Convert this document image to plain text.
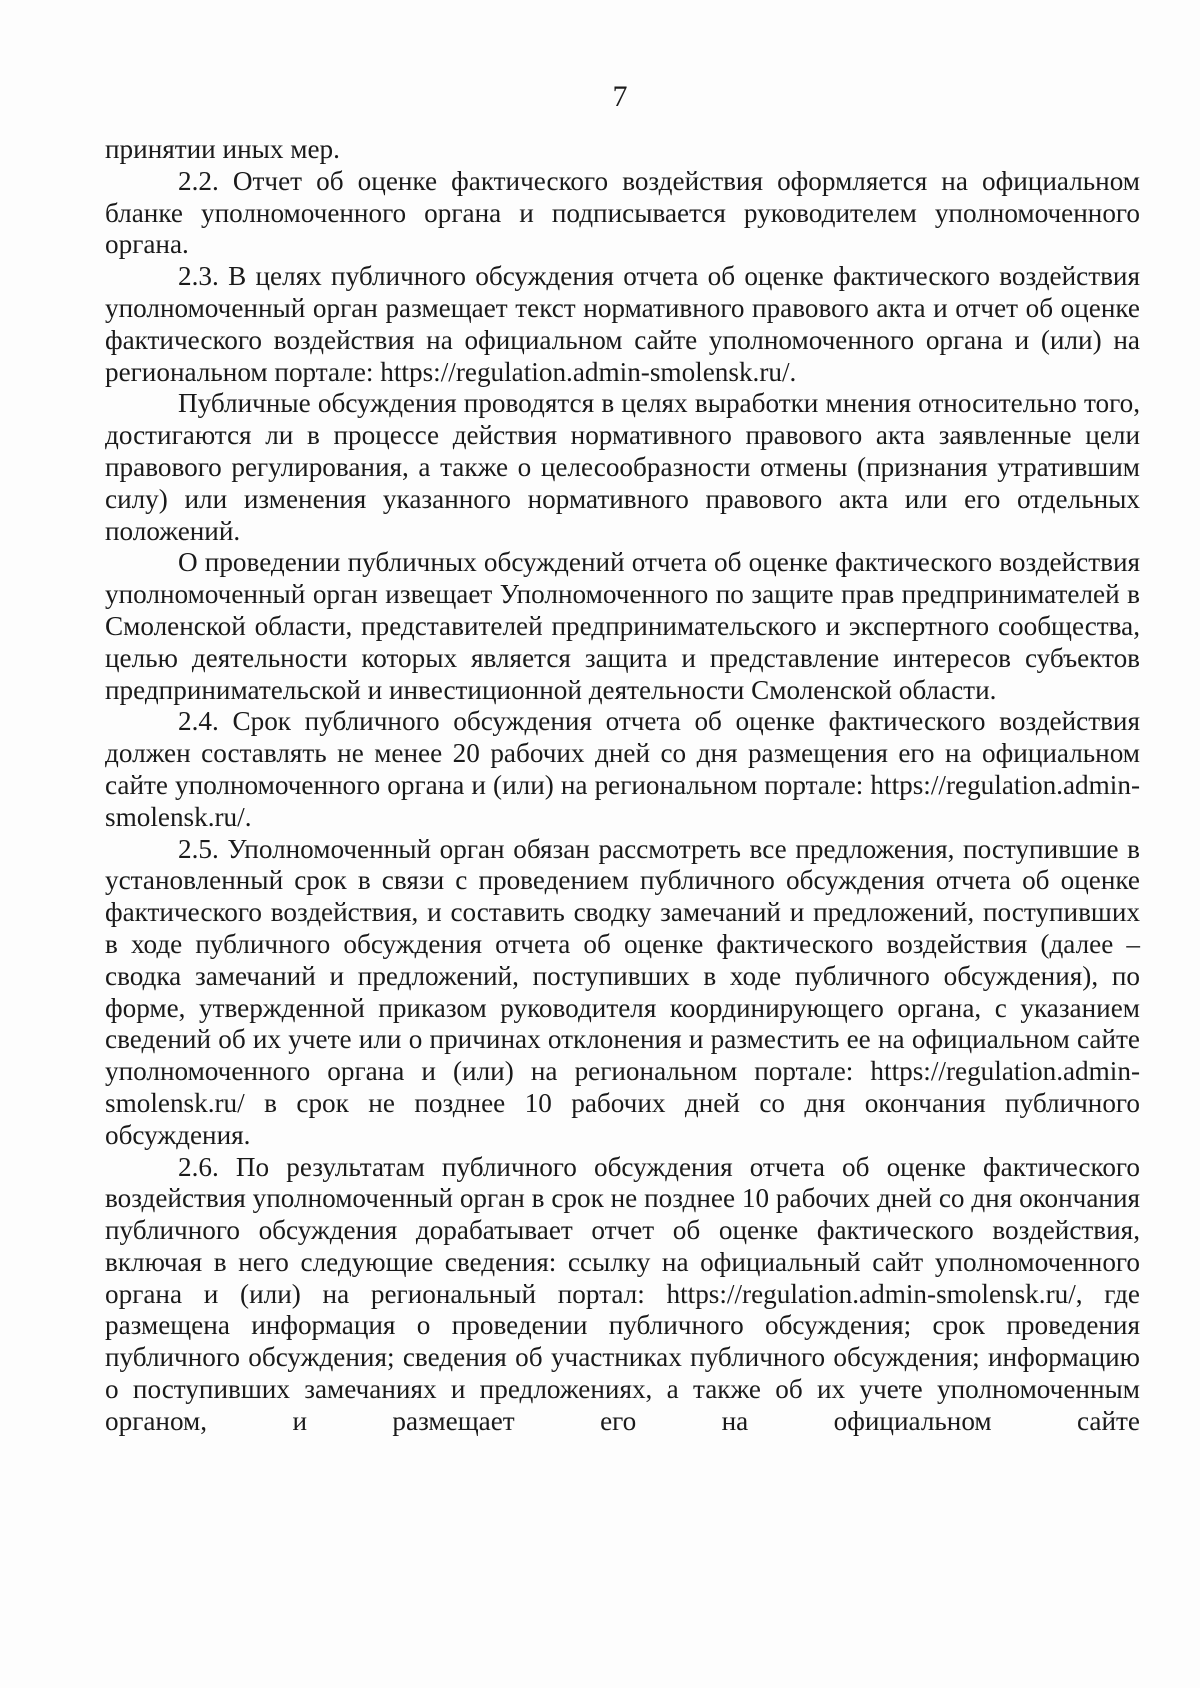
7

принятии иных мер.

2.2. Отчет об оценке фактического воздействия оформляется на официальном бланке уполномоченного органа и подписывается руководителем уполномоченного органа.

2.3. В целях публичного обсуждения отчета об оценке фактического воздействия уполномоченный орган размещает текст нормативного правового акта и отчет об оценке фактического воздействия на официальном сайте уполномоченного органа и (или) на региональном портале: https://regulation.admin-smolensk.ru/.

Публичные обсуждения проводятся в целях выработки мнения относительно того, достигаются ли в процессе действия нормативного правового акта заявленные цели правового регулирования, а также о целесообразности отмены (признания утратившим силу) или изменения указанного нормативного правового акта или его отдельных положений.

О проведении публичных обсуждений отчета об оценке фактического воздействия уполномоченный орган извещает Уполномоченного по защите прав предпринимателей в Смоленской области, представителей предпринимательского и экспертного сообщества, целью деятельности которых является защита и представление интересов субъектов предпринимательской и инвестиционной деятельности Смоленской области.

2.4. Срок публичного обсуждения отчета об оценке фактического воздействия должен составлять не менее 20 рабочих дней со дня размещения его на официальном сайте уполномоченного органа и (или) на региональном портале: https://regulation.admin-smolensk.ru/.

2.5. Уполномоченный орган обязан рассмотреть все предложения, поступившие в установленный срок в связи с проведением публичного обсуждения отчета об оценке фактического воздействия, и составить сводку замечаний и предложений, поступивших в ходе публичного обсуждения отчета об оценке фактического воздействия (далее – сводка замечаний и предложений, поступивших в ходе публичного обсуждения), по форме, утвержденной приказом руководителя координирующего органа, с указанием сведений об их учете или о причинах отклонения и разместить ее на официальном сайте уполномоченного органа и (или) на региональном портале: https://regulation.admin-smolensk.ru/ в срок не позднее 10 рабочих дней со дня окончания публичного обсуждения.

2.6. По результатам публичного обсуждения отчета об оценке фактического воздействия уполномоченный орган в срок не позднее 10 рабочих дней со дня окончания публичного обсуждения дорабатывает отчет об оценке фактического воздействия, включая в него следующие сведения: ссылку на официальный сайт уполномоченного органа и (или) на региональный портал: https://regulation.admin-smolensk.ru/, где размещена информация о проведении публичного обсуждения; срок проведения публичного обсуждения; сведения об участниках публичного обсуждения; информацию о поступивших замечаниях и предложениях, а также об их учете уполномоченным органом, и размещает его на официальном сайте
